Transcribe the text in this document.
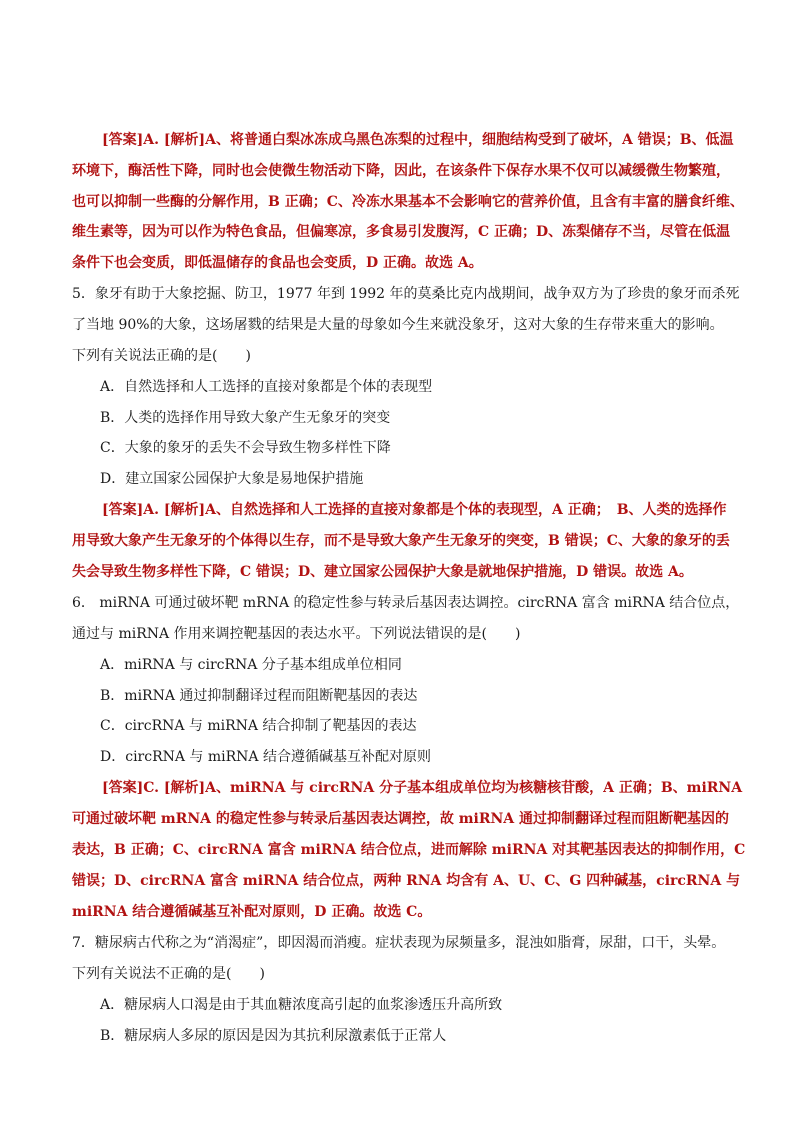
[答案]A. [解析]A、将普通白梨冰冻成乌黑色冻梨的过程中，细胞结构受到了破坏，A 错误；B、低温
环境下，酶活性下降，同时也会使微生物活动下降，因此，在该条件下保存水果不仅可以减缓微生物繁殖，
也可以抑制一些酶的分解作用，B 正确；C、冷冻水果基本不会影响它的营养价值，且含有丰富的膳食纤维、
维生素等，因为可以作为特色食品，但偏寒凉，多食易引发腹泻，C 正确；D、冻梨储存不当，尽管在低温
条件下也会变质，即低温储存的食品也会变质，D 正确。故选 A。
5．象牙有助于大象挖掘、防卫，1977 年到 1992 年的莫桑比克内战期间，战争双方为了珍贵的象牙而杀死
了当地 90%的大象，这场屠戮的结果是大量的母象如今生来就没象牙，这对大象的生存带来重大的影响。
下列有关说法正确的是(　　)
A．自然选择和人工选择的直接对象都是个体的表现型
B．人类的选择作用导致大象产生无象牙的突变
C．大象的象牙的丢失不会导致生物多样性下降
D．建立国家公园保护大象是易地保护措施
[答案]A. [解析]A、自然选择和人工选择的直接对象都是个体的表现型，A 正确；　B、人类的选择作
用导致大象产生无象牙的个体得以生存，而不是导致大象产生无象牙的突变，B 错误；C、大象的象牙的丢
失会导致生物多样性下降，C 错误；D、建立国家公园保护大象是就地保护措施，D 错误。故选 A。
6． miRNA 可通过破坏靶 mRNA 的稳定性参与转录后基因表达调控。circRNA 富含 miRNA 结合位点，
通过与 miRNA 作用来调控靶基因的表达水平。下列说法错误的是(　　)
A．miRNA 与 circRNA 分子基本组成单位相同
B．miRNA 通过抑制翻译过程而阻断靶基因的表达
C．circRNA 与 miRNA 结合抑制了靶基因的表达
D．circRNA 与 miRNA 结合遵循碱基互补配对原则
[答案]C. [解析]A、miRNA 与 circRNA 分子基本组成单位均为核糖核苷酸，A 正确；B、miRNA
可通过破坏靶 mRNA 的稳定性参与转录后基因表达调控，故 miRNA 通过抑制翻译过程而阻断靶基因的
表达，B 正确；C、circRNA 富含 miRNA 结合位点，进而解除 miRNA 对其靶基因表达的抑制作用，C
错误；D、circRNA 富含 miRNA 结合位点，两种 RNA 均含有 A、U、C、G 四种碱基，circRNA 与
miRNA 结合遵循碱基互补配对原则，D 正确。故选 C。
7．糖尿病古代称之为“消渴症”，即因渴而消瘦。症状表现为尿频量多，混浊如脂膏，尿甜，口干，头晕。
下列有关说法不正确的是(　　)
A．糖尿病人口渴是由于其血糖浓度高引起的血浆渗透压升高所致
B．糖尿病人多尿的原因是因为其抗利尿激素低于正常人
